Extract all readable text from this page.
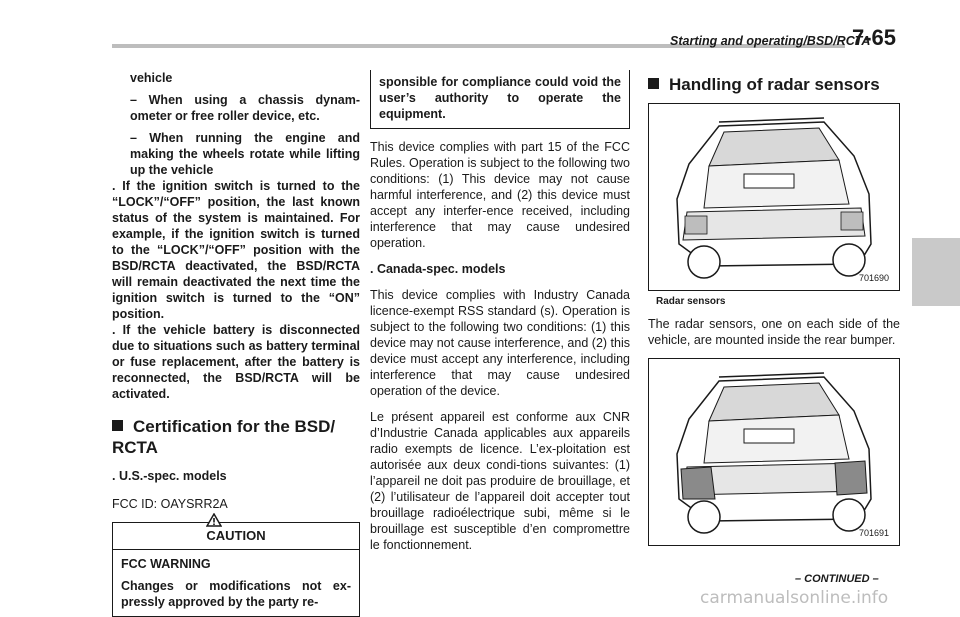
Starting and operating/BSD/RCTA
7-65

vehicle

– When using a chassis dynam-ometer or free roller device, etc.

– When running the engine and making the wheels rotate while lifting up the vehicle

. If the ignition switch is turned to the “LOCK”/“OFF” position, the last known status of the system is maintained. For example, if the ignition switch is turned to the “LOCK”/“OFF” position with the BSD/RCTA deactivated, the BSD/RCTA will remain deactivated the next time the ignition switch is turned to the “ON” position.

. If the vehicle battery is disconnected due to situations such as battery terminal or fuse replacement, after the battery is reconnected, the BSD/RCTA will be activated.

Certification for the BSD/ RCTA

. U.S.-spec. models

FCC ID: OAYSRR2A

CAUTION

FCC WARNING

Changes or modifications not ex-pressly approved by the party re-

sponsible for compliance could void the user’s authority to operate the equipment.

This device complies with part 15 of the FCC Rules. Operation is subject to the following two conditions: (1) This device may not cause harmful interference, and (2) this device must accept any interfer-ence received, including interference that may cause undesired operation.

. Canada-spec. models

This device complies with Industry Canada licence-exempt RSS standard (s). Operation is subject to the following two conditions: (1) this device may not cause interference, and (2) this device must accept any interference, including interference that may cause undesired operation of the device.

Le présent appareil est conforme aux CNR d’Industrie Canada applicables aux appareils radio exempts de licence. L’ex-ploitation est autorisée aux deux condi-tions suivantes: (1) l’appareil ne doit pas produire de brouillage, et (2) l’utilisateur de l’appareil doit accepter tout brouillage radioélectrique subi, même si le brouillage est susceptible d’en compromettre le fonctionnement.

Handling of radar sensors

701690

Radar sensors

The radar sensors, one on each side of the vehicle, are mounted inside the rear bumper.

701691
– CONTINUED –
carmanualsonline.info
